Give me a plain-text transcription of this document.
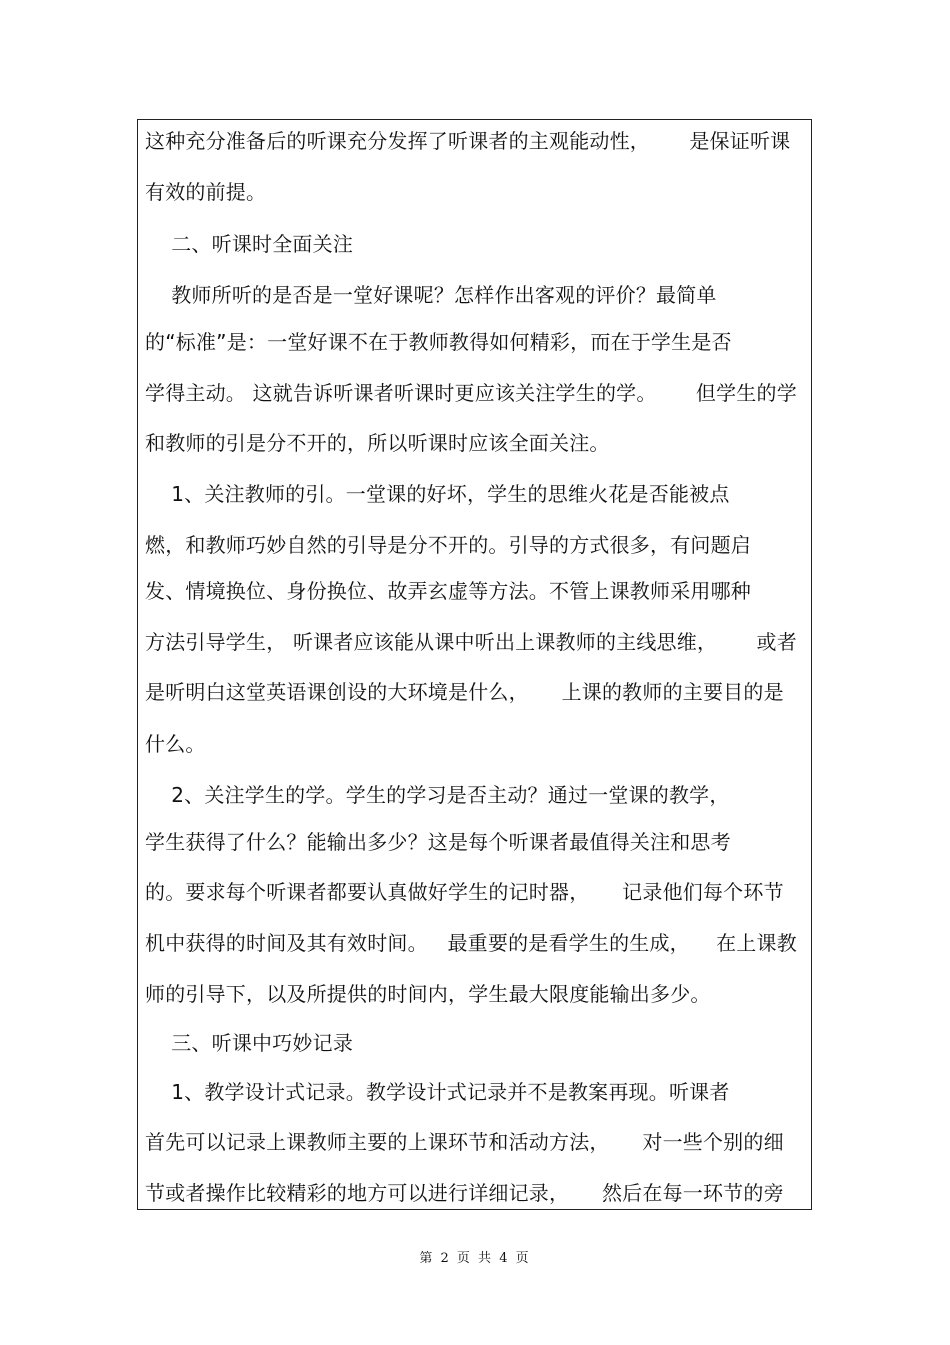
这种充分准备后的听课充分发挥了听课者的主观能动性，      是保证听课
有效的前提。
二、听课时全面关注
教师所听的是否是一堂好课呢？怎样作出客观的评价？最简单
的“标准”是：一堂好课不在于教师教得如何精彩，而在于学生是否
学得主动。 这就告诉听课者听课时更应该关注学生的学。      但学生的学
和教师的引是分不开的，所以听课时应该全面关注。
1、关注教师的引。一堂课的好坏，学生的思维火花是否能被点
燃，和教师巧妙自然的引导是分不开的。引导的方式很多，有问题启
发、情境换位、身份换位、故弄玄虚等方法。不管上课教师采用哪种
方法引导学生， 听课者应该能从课中听出上课教师的主线思维，      或者
是听明白这堂英语课创设的大环境是什么，     上课的教师的主要目的是
什么。
2、关注学生的学。学生的学习是否主动？通过一堂课的教学，
学生获得了什么？能输出多少？这是每个听课者最值得关注和思考
的。要求每个听课者都要认真做好学生的记时器，     记录他们每个环节
机中获得的时间及其有效时间。   最重要的是看学生的生成，    在上课教
师的引导下，以及所提供的时间内，学生最大限度能输出多少。
三、听课中巧妙记录
1、教学设计式记录。教学设计式记录并不是教案再现。听课者
首先可以记录上课教师主要的上课环节和活动方法，     对一些个别的细
节或者操作比较精彩的地方可以进行详细记录，     然后在每一环节的旁
第 2 页 共 4 页
